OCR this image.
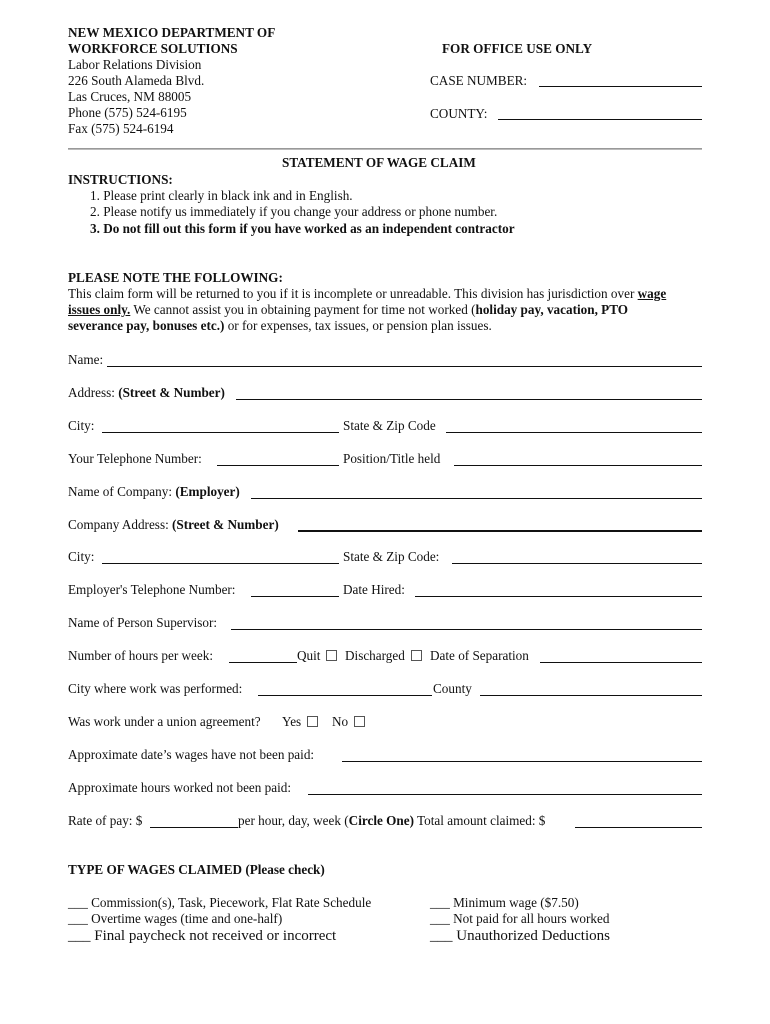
NEW MEXICO DEPARTMENT OF
WORKFORCE SOLUTIONS
Labor Relations Division
226 South Alameda Blvd.
Las Cruces, NM 88005
Phone (575) 524-6195
Fax (575) 524-6194
FOR OFFICE USE ONLY
CASE NUMBER:
COUNTY:
STATEMENT OF WAGE CLAIM
INSTRUCTIONS:
1. Please print clearly in black ink and in English.
2. Please notify us immediately if you change your address or phone number.
3. Do not fill out this form if you have worked as an independent contractor
PLEASE NOTE THE FOLLOWING:
This claim form will be returned to you if it is incomplete or unreadable. This division has jurisdiction over wage
issues only. We cannot assist you in obtaining payment for time not worked (holiday pay, vacation, PTO
severance pay, bonuses etc.) or for expenses, tax issues, or pension plan issues.
Name:
Address: (Street & Number)
City:	State & Zip Code
Your Telephone Number:	Position/Title held
Name of Company: (Employer)
Company Address: (Street & Number)
City:	State & Zip Code:
Employer's Telephone Number:	Date Hired:
Name of Person Supervisor:
Number of hours per week:	Quit	Discharged	Date of Separation
City where work was performed:	County
Was work under a union agreement? Yes	No
Approximate date’s wages have not been paid:
Approximate hours worked not been paid:
Rate of pay: $	per hour, day, week (Circle One) Total amount claimed: $
TYPE OF WAGES CLAIMED (Please check)
___ Commission(s), Task, Piecework, Flat Rate Schedule
___ Overtime wages (time and one-half)
___ Final paycheck not received or incorrect
___ Minimum wage ($7.50)
___ Not paid for all hours worked
___ Unauthorized Deductions
